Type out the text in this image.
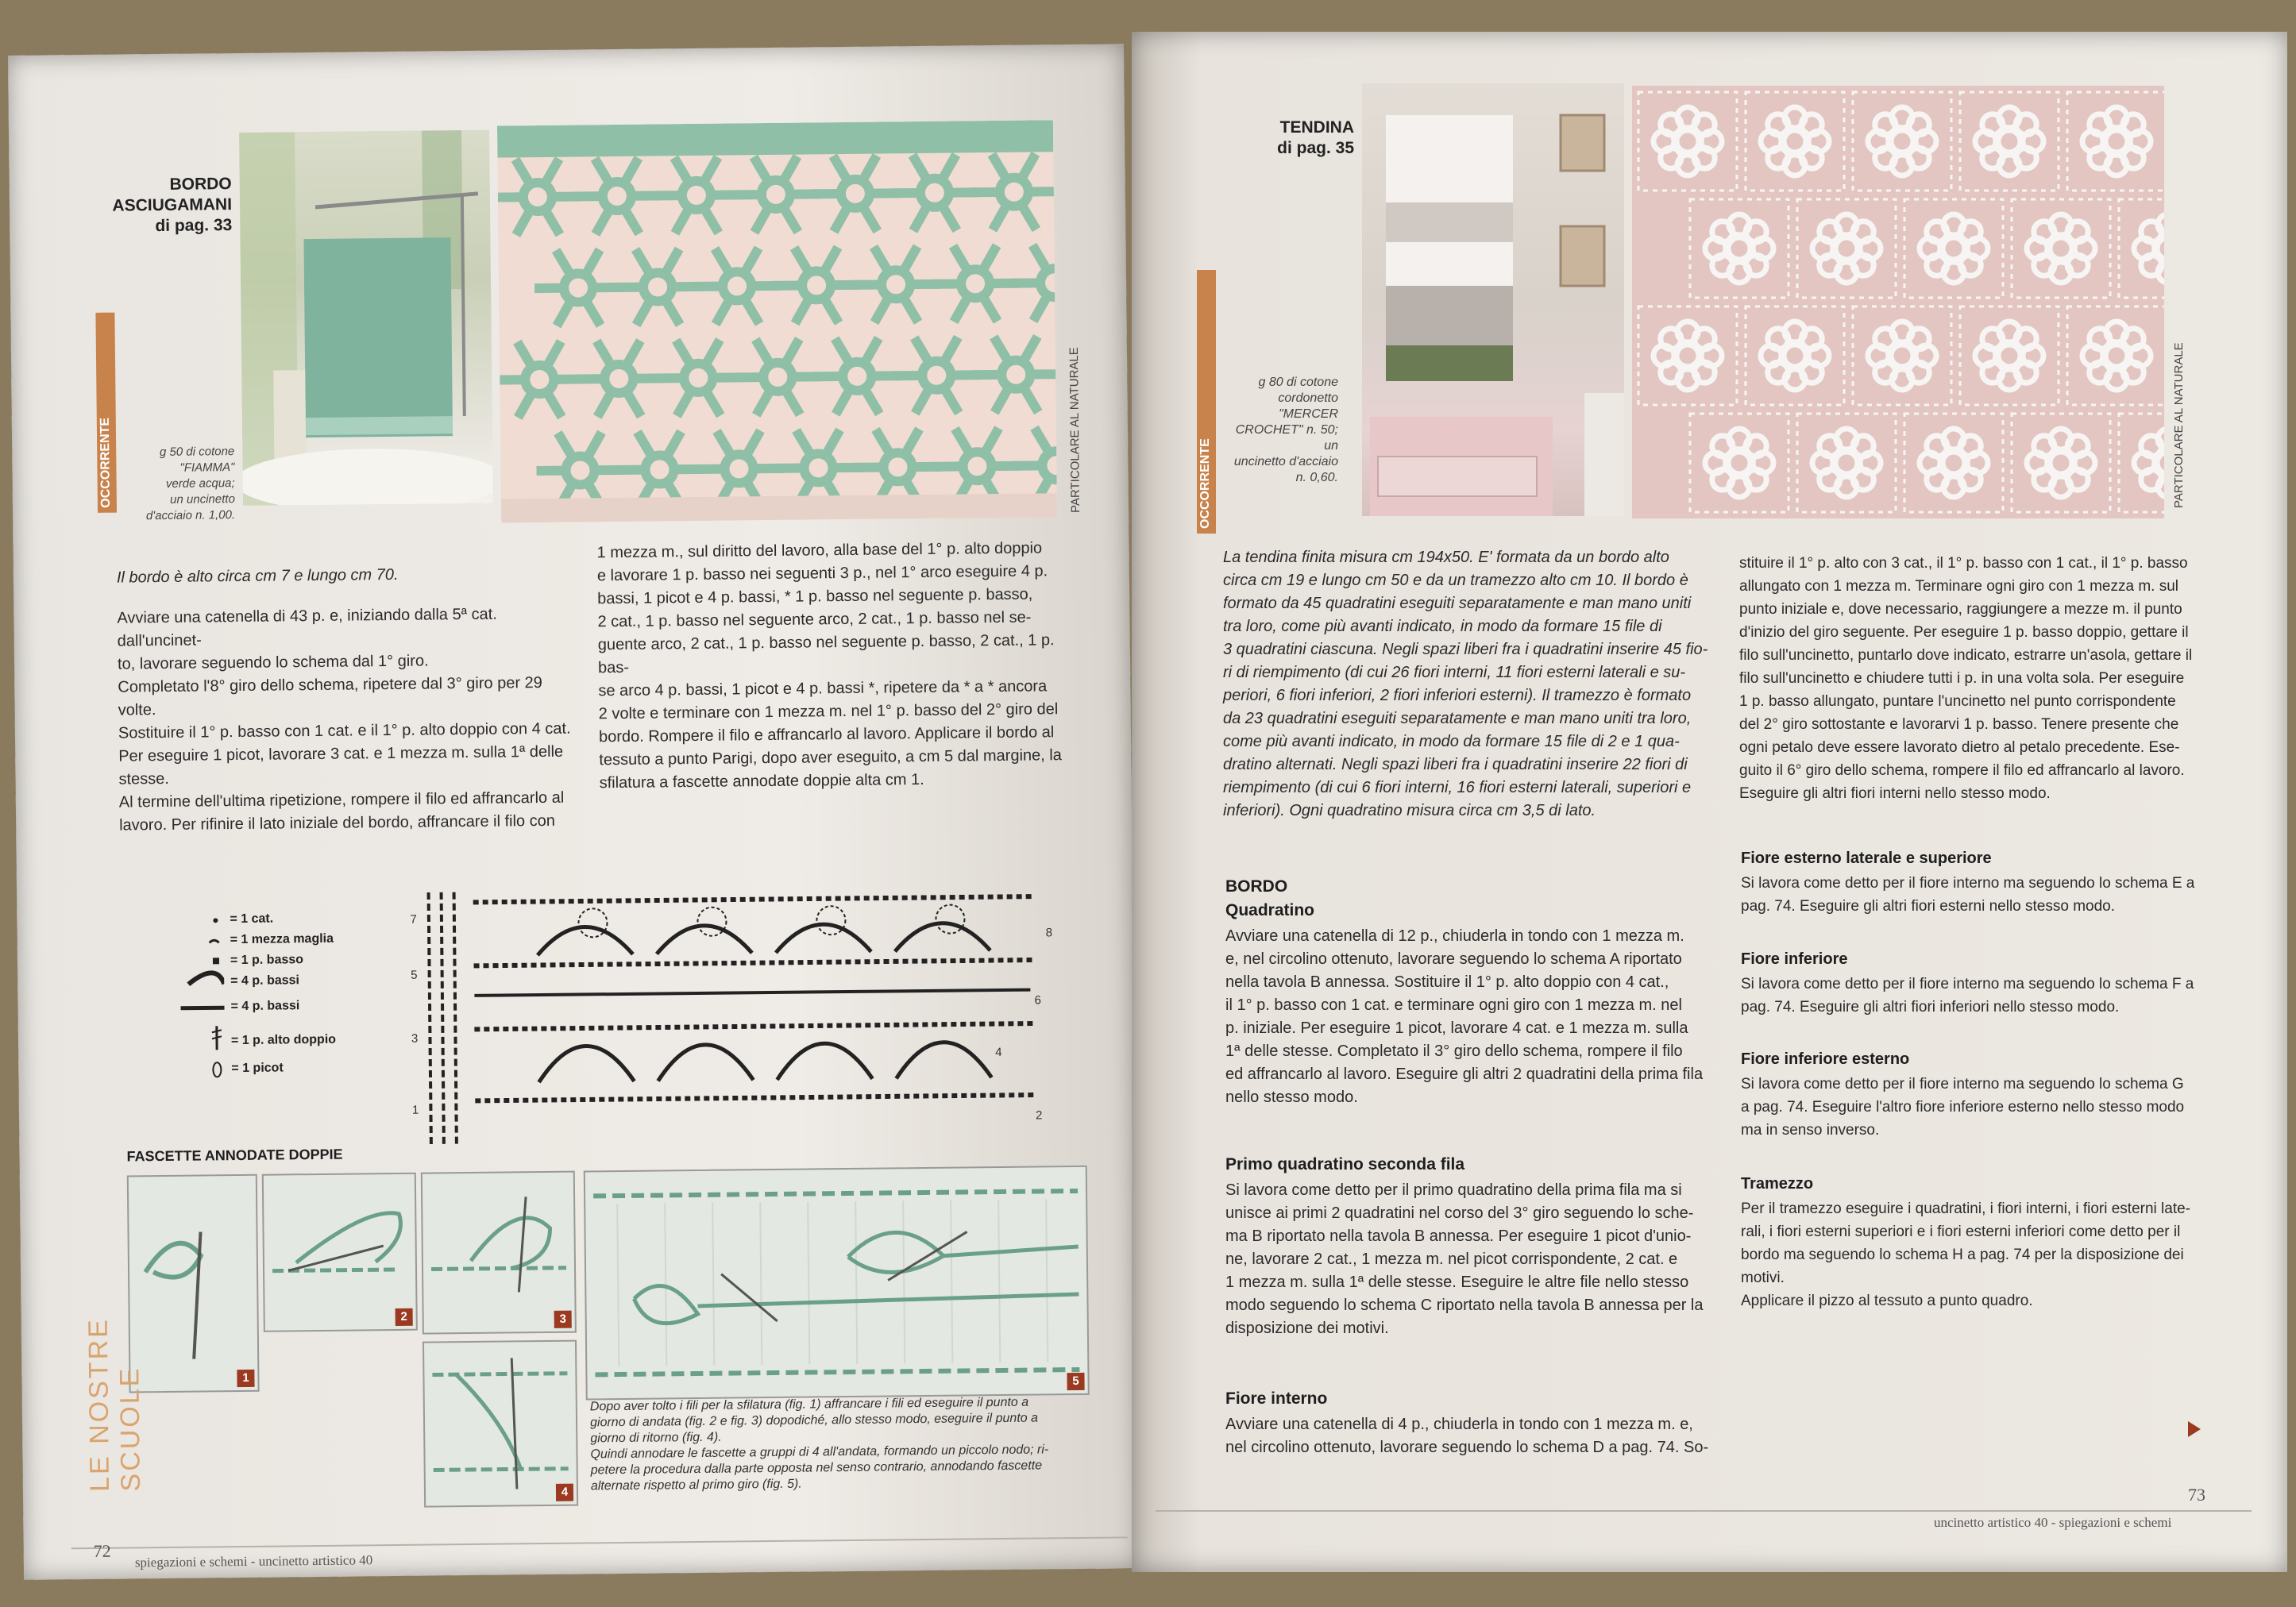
BORDO
ASCIUGAMANI
di pag. 33
OCCORRENTE	g 50 di cotone
"FIAMMA"
verde acqua;
un uncinetto
d'acciaio n. 1,00.
PARTICOLARE AL NATURALE
Il bordo è alto circa cm 7 e lungo cm 70.
Avviare una catenella di 43 p. e, iniziando dalla 5ª cat. dall'uncinet-
to, lavorare seguendo lo schema dal 1° giro.
Completato l'8° giro dello schema, ripetere dal 3° giro per 29 volte.
Sostituire il 1° p. basso con 1 cat. e il 1° p. alto doppio con 4 cat.
Per eseguire 1 picot, lavorare 3 cat. e 1 mezza m. sulla 1ª delle
stesse.
Al termine dell'ultima ripetizione, rompere il filo ed affrancarlo al
lavoro. Per rifinire il lato iniziale del bordo, affrancare il filo con
1 mezza m., sul diritto del lavoro, alla base del 1° p. alto doppio
e lavorare 1 p. basso nei seguenti 3 p., nel 1° arco eseguire 4 p.
bassi, 1 picot e 4 p. bassi, * 1 p. basso nel seguente p. basso,
2 cat., 1 p. basso nel seguente arco, 2 cat., 1 p. basso nel se-
guente arco, 2 cat., 1 p. basso nel seguente p. basso, 2 cat., 1 p. bas-
se arco 4 p. bassi, 1 picot e 4 p. bassi *, ripetere da * a * ancora
2 volte e terminare con 1 mezza m. nel 1° p. basso del 2° giro del
bordo. Rompere il filo e affrancarlo al lavoro. Applicare il bordo al
tessuto a punto Parigi, dopo aver eseguito, a cm 5 dal margine, la
sfilatura a fascette annodate doppie alta cm 1.
= 1 cat.
= 1 mezza maglia
= 1 p. basso
= 4 p. bassi
= 4 p. bassi
= 1 p. alto doppio
= 1 picot
7
5
3
1
8
6
4
2
FASCETTE ANNODATE DOPPIE
1
2	3
4
5
Dopo aver tolto i fili per la sfilatura (fig. 1) affrancare i fili ed eseguire il punto a
giorno di andata (fig. 2 e fig. 3) dopodiché, allo stesso modo, eseguire il punto a
giorno di ritorno (fig. 4).
Quindi annodare le fascette a gruppi di 4 all'andata, formando un piccolo nodo; ri-
petere la procedura dalla parte opposta nel senso contrario, annodando fascette
alternate rispetto al primo giro (fig. 5).
LE NOSTRE SCUOLE
72
spiegazioni e schemi - uncinetto artistico 40
TENDINA
di pag. 35
OCCORRENTE
g 80 di cotone
cordonetto
"MERCER
CROCHET" n. 50; un
uncinetto d'acciaio
n. 0,60.	PARTICOLARE AL NATURALE
La tendina finita misura cm 194x50. E' formata da un bordo alto
circa cm 19 e lungo cm 50 e da un tramezzo alto cm 10. Il bordo è
formato da 45 quadratini eseguiti separatamente e man mano uniti
tra loro, come più avanti indicato, in modo da formare 15 file di
3 quadratini ciascuna. Negli spazi liberi fra i quadratini inserire 45 fio-
ri di riempimento (di cui 26 fiori interni, 11 fiori esterni laterali e su-
periori, 6 fiori inferiori, 2 fiori inferiori esterni). Il tramezzo è formato
da 23 quadratini eseguiti separatamente e man mano uniti tra loro,
come più avanti indicato, in modo da formare 15 file di 2 e 1 qua-
dratino alternati. Negli spazi liberi fra i quadratini inserire 22 fiori di
riempimento (di cui 6 fiori interni, 16 fiori esterni laterali, superiori e
inferiori). Ogni quadratino misura circa cm 3,5 di lato.
BORDO
Quadratino
Avviare una catenella di 12 p., chiuderla in tondo con 1 mezza m.
e, nel circolino ottenuto, lavorare seguendo lo schema A riportato
nella tavola B annessa. Sostituire il 1° p. alto doppio con 4 cat.,
il 1° p. basso con 1 cat. e terminare ogni giro con 1 mezza m. nel
p. iniziale. Per eseguire 1 picot, lavorare 4 cat. e 1 mezza m. sulla
1ª delle stesse. Completato il 3° giro dello schema, rompere il filo
ed affrancarlo al lavoro. Eseguire gli altri 2 quadratini della prima fila
nello stesso modo.
Primo quadratino seconda fila
Si lavora come detto per il primo quadratino della prima fila ma si
unisce ai primi 2 quadratini nel corso del 3° giro seguendo lo sche-
ma B riportato nella tavola B annessa. Per eseguire 1 picot d'unio-
ne, lavorare 2 cat., 1 mezza m. nel picot corrispondente, 2 cat. e
1 mezza m. sulla 1ª delle stesse. Eseguire le altre file nello stesso
modo seguendo lo schema C riportato nella tavola B annessa per la
disposizione dei motivi.
Fiore interno
Avviare una catenella di 4 p., chiuderla in tondo con 1 mezza m. e,
nel circolino ottenuto, lavorare seguendo lo schema D a pag. 74. So-
stituire il 1° p. alto con 3 cat., il 1° p. basso con 1 cat., il 1° p. basso
allungato con 1 mezza m. Terminare ogni giro con 1 mezza m. sul
punto iniziale e, dove necessario, raggiungere a mezze m. il punto
d'inizio del giro seguente. Per eseguire 1 p. basso doppio, gettare il
filo sull'uncinetto, puntarlo dove indicato, estrarre un'asola, gettare il
filo sull'uncinetto e chiudere tutti i p. in una volta sola. Per eseguire
1 p. basso allungato, puntare l'uncinetto nel punto corrispondente
del 2° giro sottostante e lavorarvi 1 p. basso. Tenere presente che
ogni petalo deve essere lavorato dietro al petalo precedente. Ese-
guito il 6° giro dello schema, rompere il filo ed affrancarlo al lavoro.
Eseguire gli altri fiori interni nello stesso modo.
Fiore esterno laterale e superiore
Si lavora come detto per il fiore interno ma seguendo lo schema E a
pag. 74. Eseguire gli altri fiori esterni nello stesso modo.
Fiore inferiore
Si lavora come detto per il fiore interno ma seguendo lo schema F a
pag. 74. Eseguire gli altri fiori inferiori nello stesso modo.
Fiore inferiore esterno
Si lavora come detto per il fiore interno ma seguendo lo schema G
a pag. 74. Eseguire l'altro fiore inferiore esterno nello stesso modo
ma in senso inverso.
Tramezzo
Per il tramezzo eseguire i quadratini, i fiori interni, i fiori esterni late-
rali, i fiori esterni superiori e i fiori esterni inferiori come detto per il
bordo ma seguendo lo schema H a pag. 74 per la disposizione dei
motivi.
Applicare il pizzo al tessuto a punto quadro.
uncinetto artistico 40 - spiegazioni e schemi
73
